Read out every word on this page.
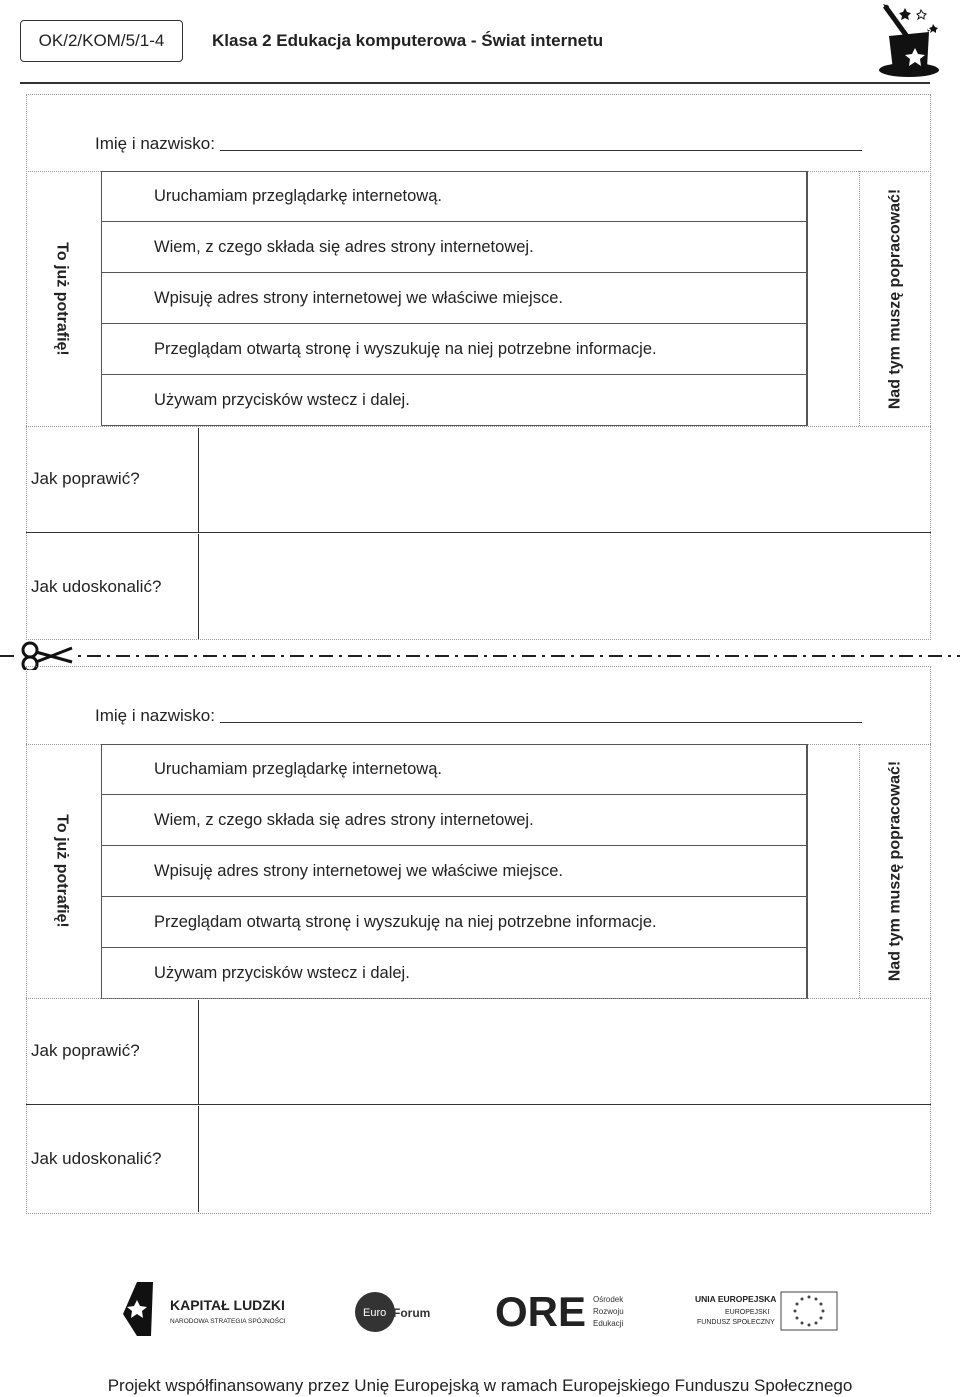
OK/2/KOM/5/1-4	Klasa 2 Edukacja komputerowa - Świat internetu
Imię i nazwisko:
To już potrafię!	Nad tym muszę popracować!
Uruchamiam przeglądarkę internetową.
Wiem, z czego składa się adres strony internetowej.
Wpisuję adres strony internetowej we właściwe miejsce.
Przeglądam otwartą stronę i wyszukuję na niej potrzebne informacje.
Używam przycisków wstecz i dalej.
Jak poprawić?
Jak udoskonalić?
Imię i nazwisko:
To już potrafię!	Nad tym muszę popracować!
Uruchamiam przeglądarkę internetową.
Wiem, z czego składa się adres strony internetowej.
Wpisuję adres strony internetowej we właściwe miejsce.
Przeglądam otwartą stronę i wyszukuję na niej potrzebne informacje.
Używam przycisków wstecz i dalej.
Jak poprawić?
Jak udoskonalić?
KAPITAŁ LUDZKI
NARODOWA STRATEGIA SPÓJNOŚCI
Euro Forum ORE Ośrodek
Rozwoju
Edukacji
UNIA EUROPEJSKA
EUROPEJSKI
FUNDUSZ SPOŁECZNY
Projekt współfinansowany przez Unię Europejską w ramach Europejskiego Funduszu Społecznego
